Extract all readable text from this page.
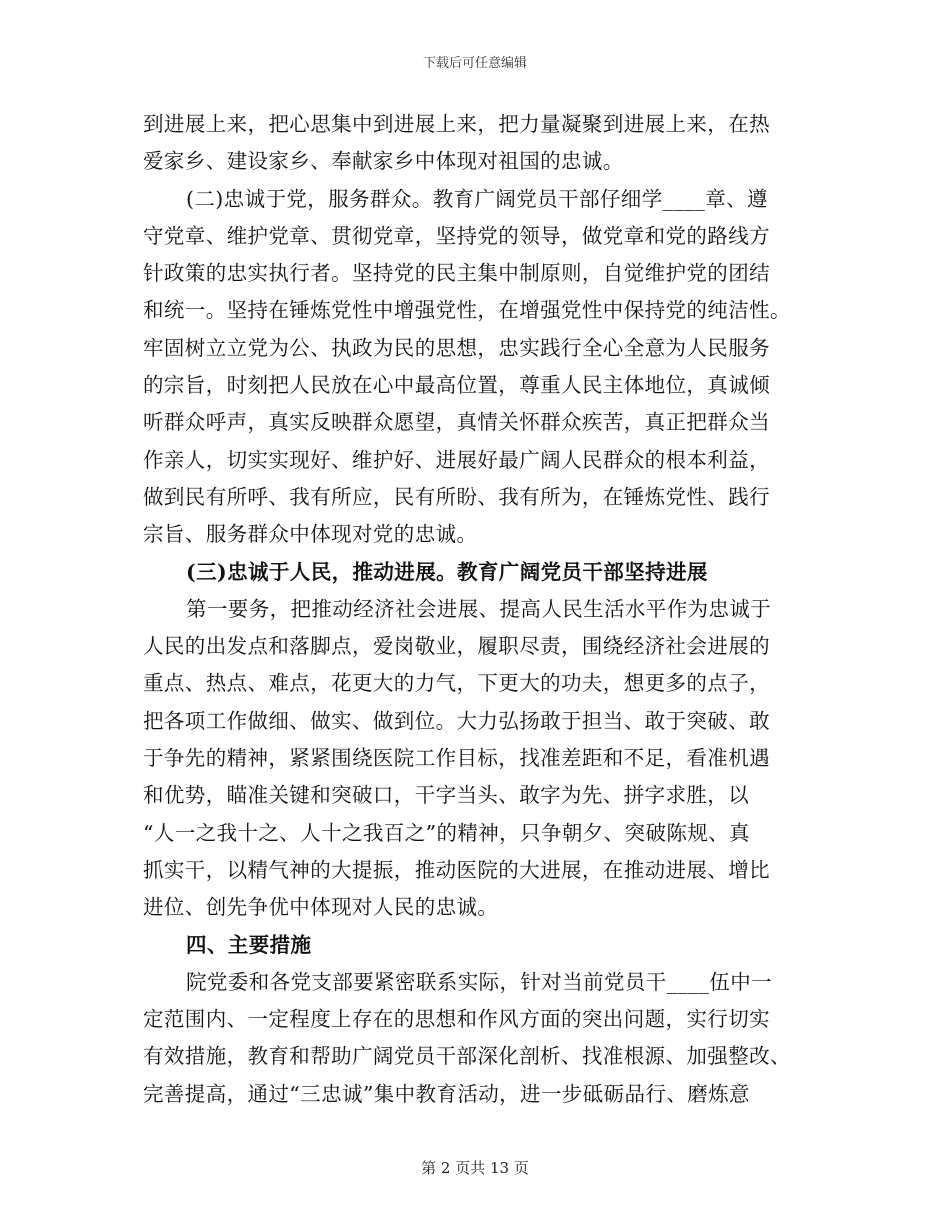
下载后可任意编辑
到进展上来，把心思集中到进展上来，把力量凝聚到进展上来，在热
爱家乡、建设家乡、奉献家乡中体现对祖国的忠诚。
(二)忠诚于党，服务群众。教育广阔党员干部仔细学____章、遵
守党章、维护党章、贯彻党章，坚持党的领导，做党章和党的路线方
针政策的忠实执行者。坚持党的民主集中制原则，自觉维护党的团结
和统一。坚持在锤炼党性中增强党性，在增强党性中保持党的纯洁性。
牢固树立立党为公、执政为民的思想，忠实践行全心全意为人民服务
的宗旨，时刻把人民放在心中最高位置，尊重人民主体地位，真诚倾
听群众呼声，真实反映群众愿望，真情关怀群众疾苦，真正把群众当
作亲人，切实实现好、维护好、进展好最广阔人民群众的根本利益，
做到民有所呼、我有所应，民有所盼、我有所为，在锤炼党性、践行
宗旨、服务群众中体现对党的忠诚。
(三)忠诚于人民，推动进展。教育广阔党员干部坚持进展
第一要务，把推动经济社会进展、提高人民生活水平作为忠诚于
人民的出发点和落脚点，爱岗敬业，履职尽责，围绕经济社会进展的
重点、热点、难点，花更大的力气，下更大的功夫，想更多的点子，
把各项工作做细、做实、做到位。大力弘扬敢于担当、敢于突破、敢
于争先的精神，紧紧围绕医院工作目标，找准差距和不足，看准机遇
和优势，瞄准关键和突破口，干字当头、敢字为先、拼字求胜，以
“人一之我十之、人十之我百之”的精神，只争朝夕、突破陈规、真
抓实干，以精气神的大提振，推动医院的大进展，在推动进展、增比
进位、创先争优中体现对人民的忠诚。
四、主要措施
院党委和各党支部要紧密联系实际，针对当前党员干____伍中一
定范围内、一定程度上存在的思想和作风方面的突出问题，实行切实
有效措施，教育和帮助广阔党员干部深化剖析、找准根源、加强整改、
完善提高，通过“三忠诚”集中教育活动，进一步砥砺品行、磨炼意
第 2 页共 13 页
